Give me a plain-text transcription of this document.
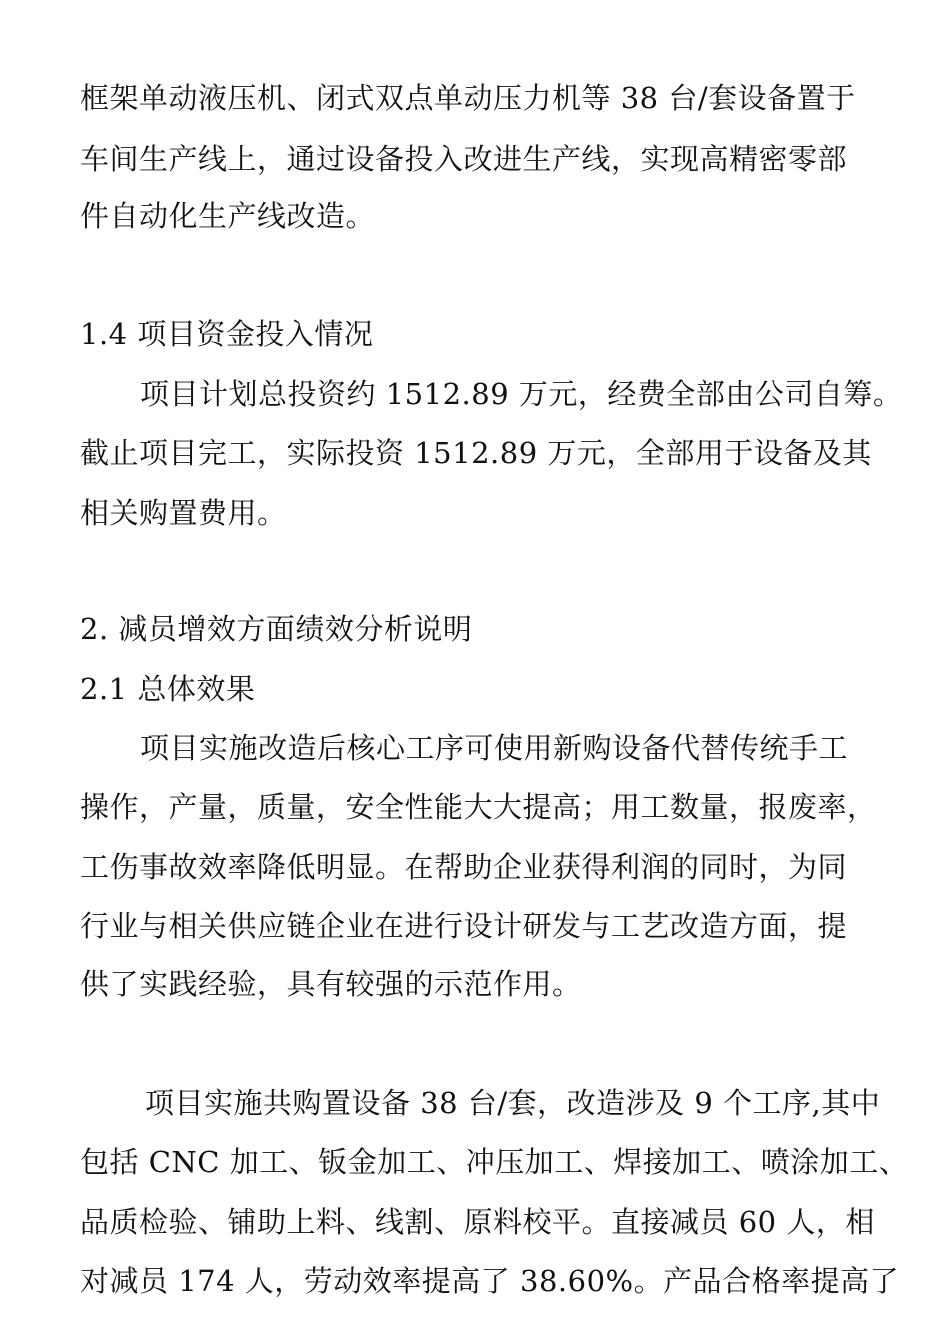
框架单动液压机、闭式双点单动压力机等 38 台/套设备置于
车间生产线上，通过设备投入改进生产线，实现高精密零部
件自动化生产线改造。
1.4 项目资金投入情况
项目计划总投资约 1512.89 万元，经费全部由公司自筹。
截止项目完工，实际投资 1512.89 万元，全部用于设备及其
相关购置费用。
2. 减员增效方面绩效分析说明
2.1 总体效果
项目实施改造后核心工序可使用新购设备代替传统手工
操作，产量，质量，安全性能大大提高；用工数量，报废率，
工伤事故效率降低明显。在帮助企业获得利润的同时，为同
行业与相关供应链企业在进行设计研发与工艺改造方面，提
供了实践经验，具有较强的示范作用。
项目实施共购置设备 38 台/套，改造涉及 9 个工序,其中
包括 CNC 加工、钣金加工、冲压加工、焊接加工、喷涂加工、
品质检验、铺助上料、线割、原料校平。直接减员 60 人，相
对减员 174 人，劳动效率提高了 38.60%。产品合格率提高了
